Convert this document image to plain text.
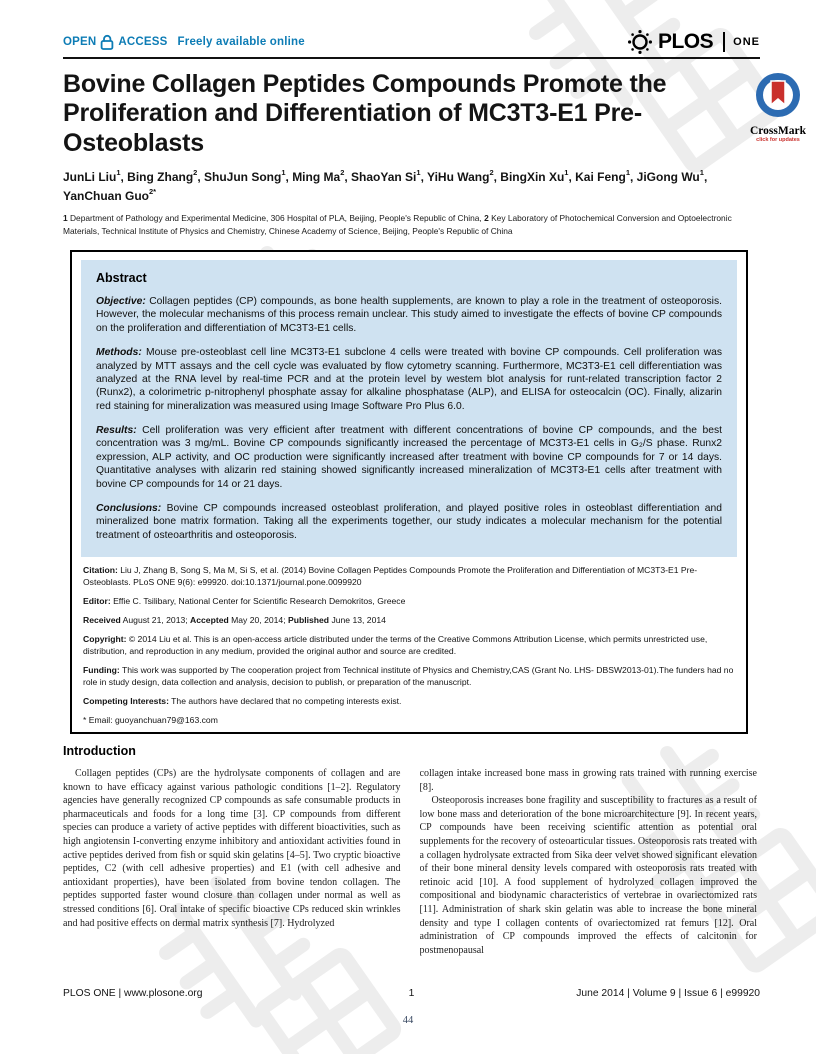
OPEN ACCESS Freely available online	PLOS ONE
Bovine Collagen Peptides Compounds Promote the Proliferation and Differentiation of MC3T3-E1 Pre-Osteoblasts	CrossMark
click for updates

JunLi Liu$^1$, Bing Zhang$^2$, ShuJun Song$^1$, Ming Ma$^2$, ShaoYan Si$^1$, YiHu Wang$^2$, BingXin Xu$^1$, Kai Feng$^1$, JiGong Wu$^1$, YanChuan Guo$^{2*}$

1 Department of Pathology and Experimental Medicine, 306 Hospital of PLA, Beijing, People's Republic of China, 2 Key Laboratory of Photochemical Conversion and Optoelectronic Materials, Technical Institute of Physics and Chemistry, Chinese Academy of Science, Beijing, People's Republic of China

Abstract

Objective: Collagen peptides (CP) compounds, as bone health supplements, are known to play a role in the treatment of osteoporosis. However, the molecular mechanisms of this process remain unclear. This study aimed to investigate the effects of bovine CP compounds on the proliferation and differentiation of MC3T3-E1 cells.

Methods: Mouse pre-osteoblast cell line MC3T3-E1 subclone 4 cells were treated with bovine CP compounds. Cell proliferation was analyzed by MTT assays and the cell cycle was evaluated by flow cytometry scanning. Furthermore, MC3T3-E1 cell differentiation was analyzed at the RNA level by real-time PCR and at the protein level by westem blot analysis for runt-related transcription factor 2 (Runx2), a colorimetric p-nitrophenyl phosphate assay for alkaline phosphatase (ALP), and ELISA for osteocalcin (OC). Finally, alizarin red staining for mineralization was measured using Image Software Pro Plus 6.0.

Results: Cell proliferation was very efficient after treatment with different concentrations of bovine CP compounds, and the best concentration was 3 mg/mL. Bovine CP compounds significantly increased the percentage of MC3T3-E1 cells in G₂/S phase. Runx2 expression, ALP activity, and OC production were significantly increased after treatment with bovine CP compounds for 7 or 14 days. Quantitative analyses with alizarin red staining showed significantly increased mineralization of MC3T3-E1 cells after treatment with bovine CP compounds for 14 or 21 days.

Conclusions: Bovine CP compounds increased osteoblast proliferation, and played positive roles in osteoblast differentiation and mineralized bone matrix formation. Taking all the experiments together, our study indicates a molecular mechanism for the potential treatment of osteoarthritis and osteoporosis.

Citation: Liu J, Zhang B, Song S, Ma M, Si S, et al. (2014) Bovine Collagen Peptides Compounds Promote the Proliferation and Differentiation of MC3T3-E1 Pre-Osteoblasts. PLoS ONE 9(6): e99920. doi:10.1371/journal.pone.0099920

Editor: Effie C. Tsilibary, National Center for Scientific Research Demokritos, Greece

Received August 21, 2013; Accepted May 20, 2014; Published June 13, 2014

Copyright: © 2014 Liu et al. This is an open-access article distributed under the terms of the Creative Commons Attribution License, which permits unrestricted use, distribution, and reproduction in any medium, provided the original author and source are credited.

Funding: This work was supported by The cooperation project from Technical institute of Physics and Chemistry,CAS (Grant No. LHS- DBSW2013-01).The funders had no role in study design, data collection and analysis, decision to publish, or preparation of the manuscript.

Competing Interests: The authors have declared that no competing interests exist.

* Email: guoyanchuan79@163.com

Introduction

Collagen peptides (CPs) are the hydrolysate components of collagen and are known to have efficacy against various pathologic conditions [1–2]. Regulatory agencies have generally recognized CP compounds as safe consumable products in pharmaceuticals and foods for a long time [3]. CP compounds from different species can produce a variety of active peptides with different bioactivities, such as high angiotensin I-converting enzyme inhibitory and antioxidant activities found in active peptides derived from fish or squid skin gelatins [4–5]. Two cryptic bioactive peptides, C2 (with cell adhesive properties) and E1 (with cell adhesive and antioxidant properties), have been isolated from bovine tendon collagen. The peptides supported faster wound closure than collagen under normal as well as stressed conditions [6]. Oral intake of specific bioactive CPs reduced skin wrinkles and had positive effects on dermal matrix synthesis [7]. Hydrolyzed

collagen intake increased bone mass in growing rats trained with running exercise [8].

Osteoporosis increases bone fragility and susceptibility to fractures as a result of low bone mass and deterioration of the bone microarchitecture [9]. In recent years, CP compounds have been receiving scientific attention as potential oral supplements for the recovery of osteoarticular tissues. Osteoporosis rats treated with a collagen hydrolysate extracted from Sika deer velvet showed significant elevation of their bone mineral density levels compared with osteoporosis rats treated with retinoic acid [10]. A food supplement of hydrolyzed collagen improved the compositional and biodynamic characteristics of vertebrae in ovariectomized rats [11]. Administration of shark skin gelatin was able to increase the bone mineral density and type I collagen contents of ovariectomized rat femurs [12]. Oral administration of CP compounds improved the effects of calcitonin for postmenopausal

PLOS ONE | www.plosone.org	1	June 2014 | Volume 9 | Issue 6 | e99920
44
